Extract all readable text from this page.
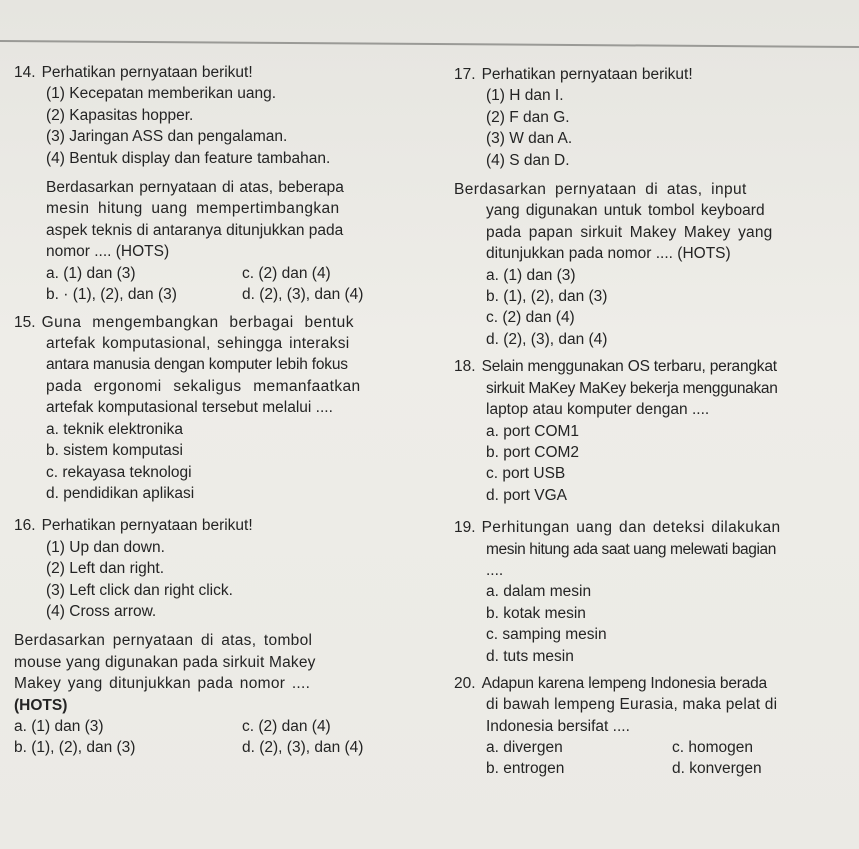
14. Perhatikan pernyataan berikut!
(1) Kecepatan memberikan uang.
(2) Kapasitas hopper.
(3) Jaringan ASS dan pengalaman.
(4) Bentuk display dan feature tambahan.
Berdasarkan pernyataan di atas, beberapa
mesin hitung uang mempertimbangkan
aspek teknis di antaranya ditunjukkan pada
nomor .... (HOTS)
a. (1) dan (3)	c. (2) dan (4)
b. · (1), (2), dan (3)	d. (2), (3), dan (4)
15. Guna mengembangkan berbagai bentuk
artefak komputasional, sehingga interaksi
antara manusia dengan komputer lebih fokus
pada ergonomi sekaligus memanfaatkan
artefak komputasional tersebut melalui ....
a. teknik elektronika
b. sistem komputasi
c. rekayasa teknologi
d. pendidikan aplikasi
16. Perhatikan pernyataan berikut!
(1) Up dan down.
(2) Left dan right.
(3) Left click dan right click.
(4) Cross arrow.
Berdasarkan pernyataan di atas, tombol
mouse yang digunakan pada sirkuit Makey
Makey yang ditunjukkan pada nomor ....
(HOTS)
a. (1) dan (3)	c. (2) dan (4)
b. (1), (2), dan (3)	d. (2), (3), dan (4)
17. Perhatikan pernyataan berikut!
(1) H dan I.
(2) F dan G.
(3) W dan A.
(4) S dan D.
Berdasarkan pernyataan di atas, input
yang digunakan untuk tombol keyboard
pada papan sirkuit Makey Makey yang
ditunjukkan pada nomor .... (HOTS)
a. (1) dan (3)
b. (1), (2), dan (3)
c. (2) dan (4)
d. (2), (3), dan (4)
18. Selain menggunakan OS terbaru, perangkat
sirkuit MaKey MaKey bekerja menggunakan
laptop atau komputer dengan ....
a. port COM1
b. port COM2
c. port USB
d. port VGA
19. Perhitungan uang dan deteksi dilakukan
mesin hitung ada saat uang melewati bagian
....
a. dalam mesin
b. kotak mesin
c. samping mesin
d. tuts mesin
20. Adapun karena lempeng Indonesia berada
di bawah lempeng Eurasia, maka pelat di
Indonesia bersifat ....
a. divergen	c. homogen
b. entrogen	d. konvergen
